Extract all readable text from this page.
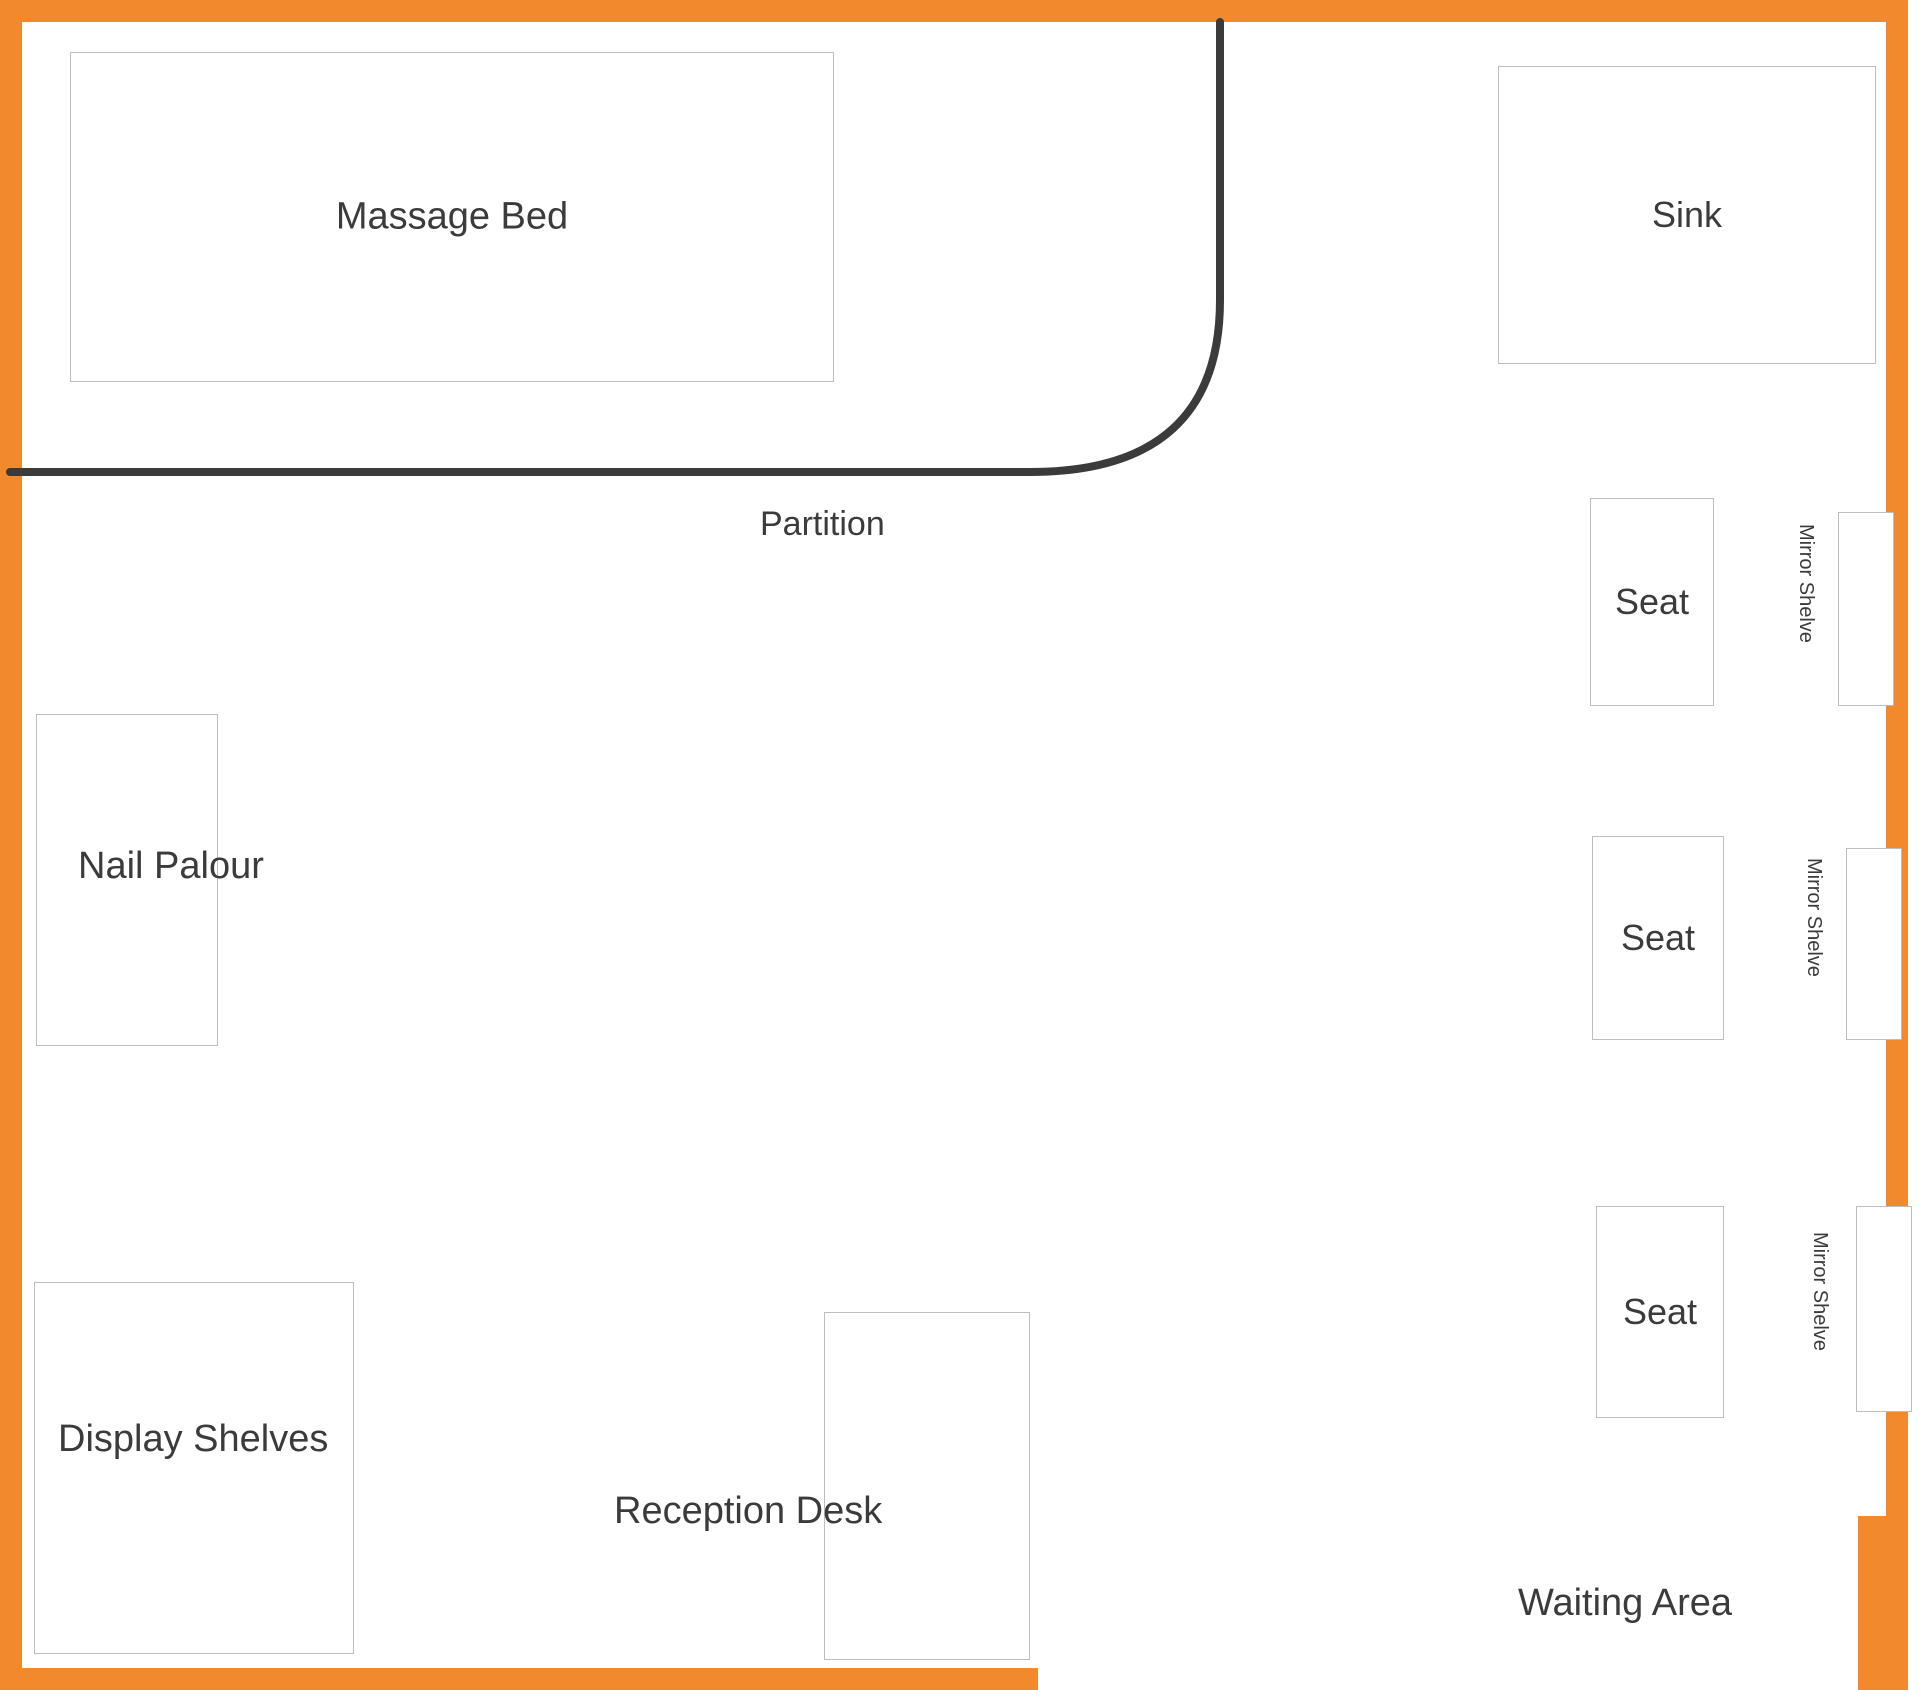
Massage Bed	Sink
Partition
Nail Palour
Seat
Seat
Seat
Mirror Shelve
Mirror Shelve
Mirror Shelve
Display Shelves
Reception Desk
Waiting Area
